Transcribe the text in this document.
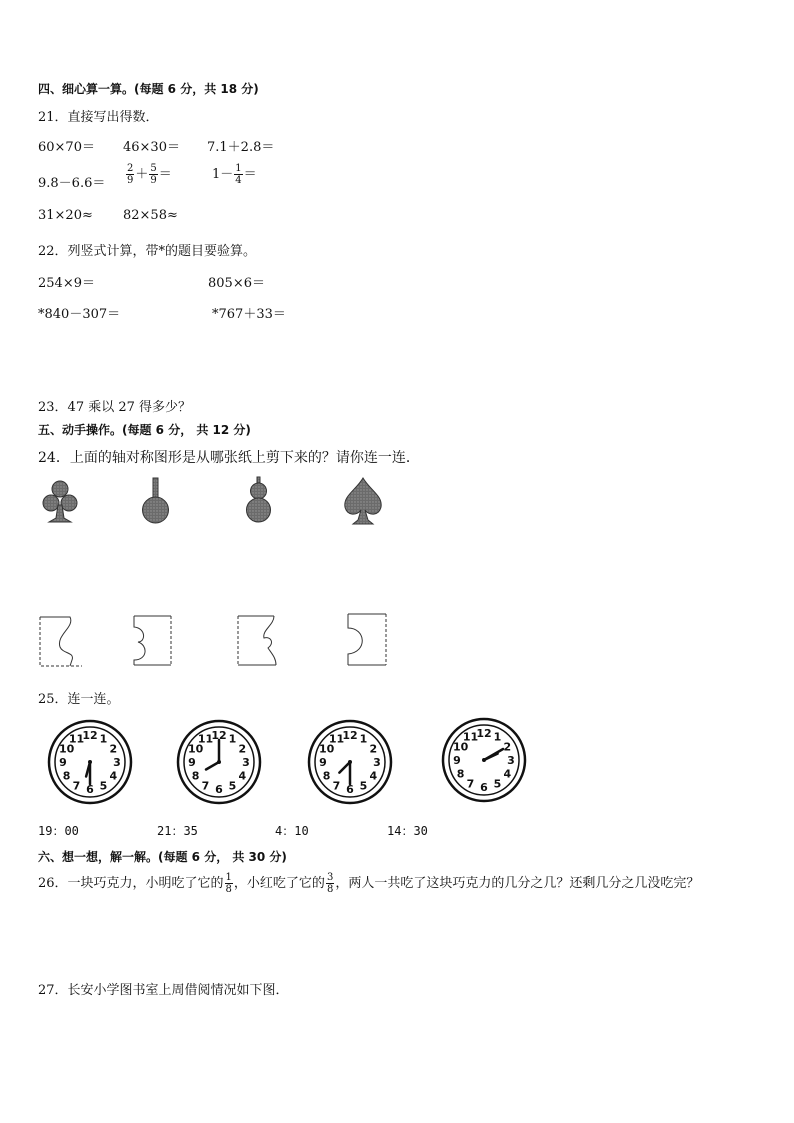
四、细心算一算。(每题 6 分，共 18 分)
21．直接写出得数．
60×70＝ 46×30＝ 7.1＋2.8＝
$9.8-6.6= \frac{2}{9} + \frac{5}{9}$ ＝	$1- \frac{1}{4}$ ＝
31×20≈ 82×58≈
22．列竖式计算，带*的题目要验算。
254×9＝	805×6＝
*840－307＝	*767＋33＝
23．47 乘以 27 得多少？
五、动手操作。(每题 6 分， 共 12 分)
24．上面的轴对称图形是从哪张纸上剪下来的？请你连一连．
12 1
2
3
4
5
6
7
8
9
10
11	12 1
2
3
4
5
6
7
8
9
10
11	12 1
2
3
4
5
6
7
8
9
10
11	12 1
2
3
4
5
6
7
8
9
10
11
25．连一连。
19：00	21：35	4：10	14：30
六、想一想，解一解。(每题 6 分， 共 30 分)
26．一块巧克力，小明吃了它的 $\frac{1}{8}$ ，小红吃了它的 $\frac{3}{8}$ ，两人一共吃了这块巧克力的几分之几？还剩几分之几没吃完？
27．长安小学图书室上周借阅情况如下图．
